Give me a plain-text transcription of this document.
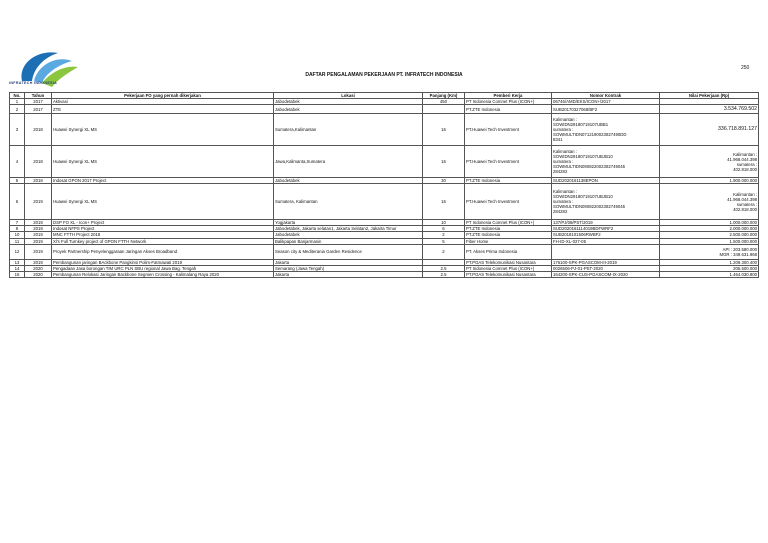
INFRATECH INDONESIA
250
DAFTAR PENGALAMAN PEKERJAAN PT. INFRATECH INDONESIA
No.	Tahun	Pekerjaan FO yang pernah dikerjakan	Lokasi	Panjang (Km)	Pemberi Kerja	Nomor Kontrak	Nilai Pekerjaan (Rp)
1	2017	Aktivasi	Jabodetabek	450	PT Indonesia Comnet Plus (ICON+)	06746/AMD/EKS/ICON+/2017	
2	2017	ZTE	Jabodetabek		PT.ZTE Indonesia	SUB20170327068/BF2	3.534.769.502
3	2018	Huawei Synergi XL MS	Sumatera,Kalimantan	16	PT.Huawei Tech Investment	Kalimantan :
SOWIDN29180719107UBB1
sumatera :
SOWMULTIDN0712190023827490DD
8341	336.718.891.127
4	2018	Huawei Synergi XL MS	Jawa,Kalimanta,Sumatera	16	PT.Huawei Tech Investment	Kalimantan :
SOWIDN29180719107UBJB10
sumatera :
SOWMULTIDN090822002382749045
284282	Kalimantan :
41.968.044.398
sumatera :
402.818.000

5	2018	Indosat GPON 2017 Project	Jabodetabek	30	PT.ZTE Indonesia	SUD2020161138EPON	1.900.000.000
6	2019	Huawei Synergi XL MS	Sumatera, Kalimantan	16	PT.Huawei Tech Investment	Kalimantan :
SOWIDN29180719107UBJB10
sumatera :
SOWMULTIDN090822002382749045
284282	Kalimantan :
41.968.044.398
sumatera :
402.818.000

7	2019	DSP FO XL - Icon+ Project	Yogjakarta	10	PT Indonesia Comnet Plus (ICON+)	137/PJ/08/PST/2019	1.000.000.000
8	2019	Indosat NFPS Project	Jabodetabek, Jakarta selatan1, Jakarta Selatan2, Jakarta Timur	6	PT.ZTE Indonesia	SUD2020161114019BDFWRF2	2.000.000.000
10	2019	MNC FTTH Project 2018	Jabodetabek	2	PT.ZTE Indonesia	SUB2018101506RWBF2	2.500.000.000
11	2019	Xl's Full Turnkey project of GPON FTTH Network	Balikpapan Banjarmasin	5	Fiber Home	FH-ID-XL-027-05	1.500.000.000
12	2019	Proyek Partnership Penyelenggaraan Jaringan Akses Broadband	Season city & Mediterania Garden Residence	2	PT. Akses Prima Indonesia		API : 203.580.000
MGR : 349.631.968

13	2019	Pembangunan jaringan BAckbone Pangkinsi Polim-Fatmawati 2019	Jakarta		PT.PGAS Telekomunikasi Nusantara	176100-SPK-PGASCOM-III-2019	1.209.300.400
14	2020	Pengadaan Jasa borongan TIM URC PLN SBU regional Jawa Bag. Tengah	Semarang (Jawa Tengah)	2.5	PT Indonesia Comnet Plus (ICON+)	0026506-PJ-01-PST-2020	205.500.000
15	2020	Pembangunan Relokasi Jaringan Backbone Segmen Crossing - Kalimalang Raya 2020	Jakarta	2.5	PT.PGAS Telekomunikasi Nusantara	164200-SPK-CUS-PGASCOM-IX-2020	1.464.030.800
